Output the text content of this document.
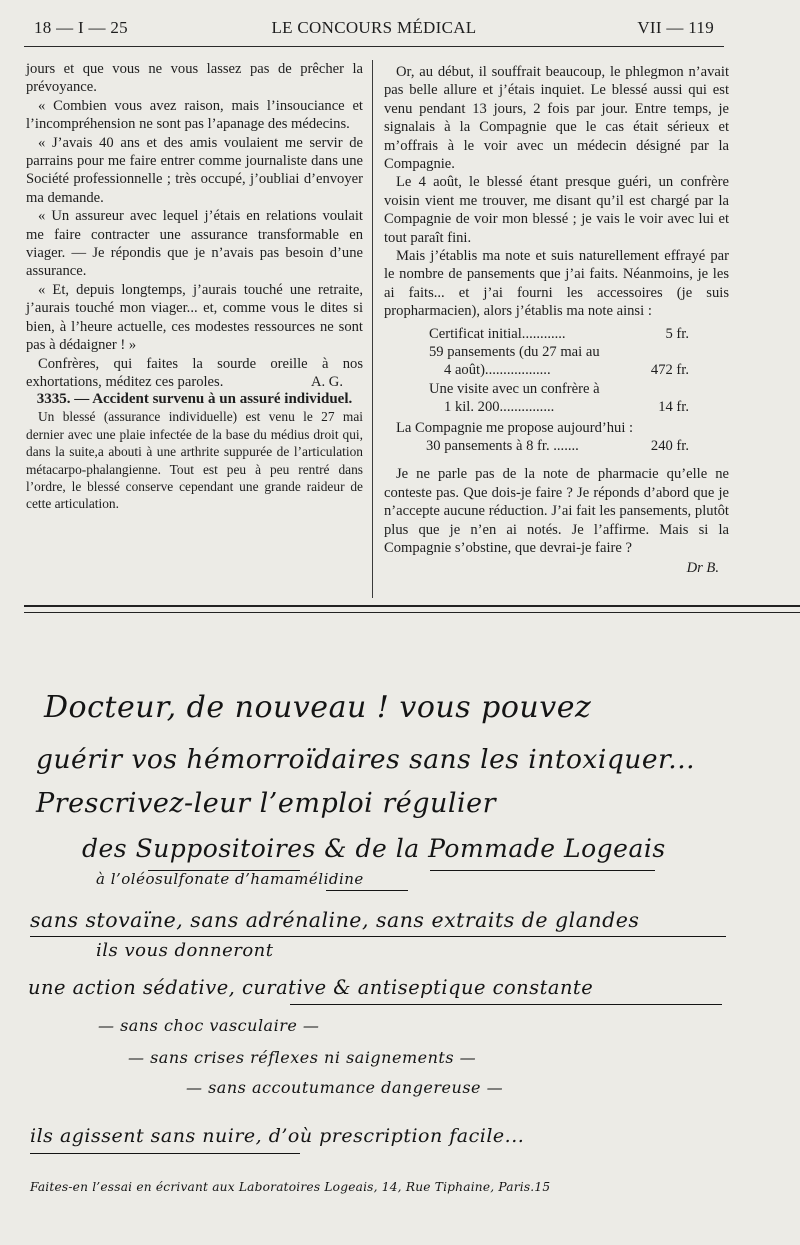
18 — I — 25	LE CONCOURS MÉDICAL	VII — 119

jours et que vous ne vous lassez pas de prêcher la prévoyance.

« Combien vous avez raison, mais l’insouciance et l’incompréhension ne sont pas l’apanage des médecins.

« J’avais 40 ans et des amis voulaient me servir de parrains pour me faire entrer comme journaliste dans une Société professionnelle ; très occupé, j’oubliai d’envoyer ma demande.

« Un assureur avec lequel j’étais en relations voulait me faire contracter une assurance transformable en viager. — Je répondis que je n’avais pas besoin d’une assurance.

« Et, depuis longtemps, j’aurais touché une retraite, j’aurais touché mon viager... et, comme vous le dites si bien, à l’heure actuelle, ces modestes ressources ne sont pas à dédaigner ! »

Confrères, qui faites la sourde oreille à nos exhortations, méditez ces paroles.	A. G.

3335. — Accident survenu à un assuré individuel.

Un blessé (assurance individuelle) est venu le 27 mai dernier avec une plaie infectée de la base du médius droit qui, dans la suite,a abouti à une arthrite suppurée de l’articulation métacarpo-phalangienne. Tout est peu à peu rentré dans l’ordre, le blessé conserve cependant une grande raideur de cette articulation.

Or, au début, il souffrait beaucoup, le phlegmon n’avait pas belle allure et j’étais inquiet. Le blessé aussi qui est venu pendant 13 jours, 2 fois par jour. Entre temps, je signalais à la Compagnie que le cas était sérieux et m’offrais à le voir avec un médecin désigné par la Compagnie.

Le 4 août, le blessé étant presque guéri, un confrère voisin vient me trouver, me disant qu’il est chargé par la Compagnie de voir mon blessé ; je vais le voir avec lui et tout paraît fini.

Mais j’établis ma note et suis naturellement effrayé par le nombre de pansements que j’ai faits. Néanmoins, je les ai faits... et j’ai fourni les accessoires (je suis propharmacien), alors j’établis ma note ainsi :

Certificat initial............	5 fr.
59 pansements (du 27 mai au
4 août)..................	472 fr.
Une visite avec un confrère à
1 kil. 200...............	14 fr.

La Compagnie me propose aujourd’hui :

30 pansements à 8 fr. .......	240 fr.

Je ne parle pas de la note de pharmacie qu’elle ne conteste pas. Que dois-je faire ? Je réponds d’abord que je n’accepte aucune réduction. J’ai fait les pansements, plutôt plus que je n’en ai notés. Je l’affirme. Mais si la Compagnie s’obstine, que devrai-je faire ?

Dr B.

Docteur, de nouveau ! vous pouvez
guérir vos hémorroïdaires sans les intoxiquer...
Prescrivez-leur l’emploi régulier
des Suppositoires & de la Pommade Logeais
à l’oléosulfonate d’hamamélidine
sans stovaïne, sans adrénaline, sans extraits de glandes
ils vous donneront
une action sédative, curative & antiseptique constante
— sans choc vasculaire —
— sans crises réflexes ni saignements —
— sans accoutumance dangereuse —
ils agissent sans nuire, d’où prescription facile...
Faites-en l’essai en écrivant aux Laboratoires Logeais, 14, Rue Tiphaine, Paris.15
